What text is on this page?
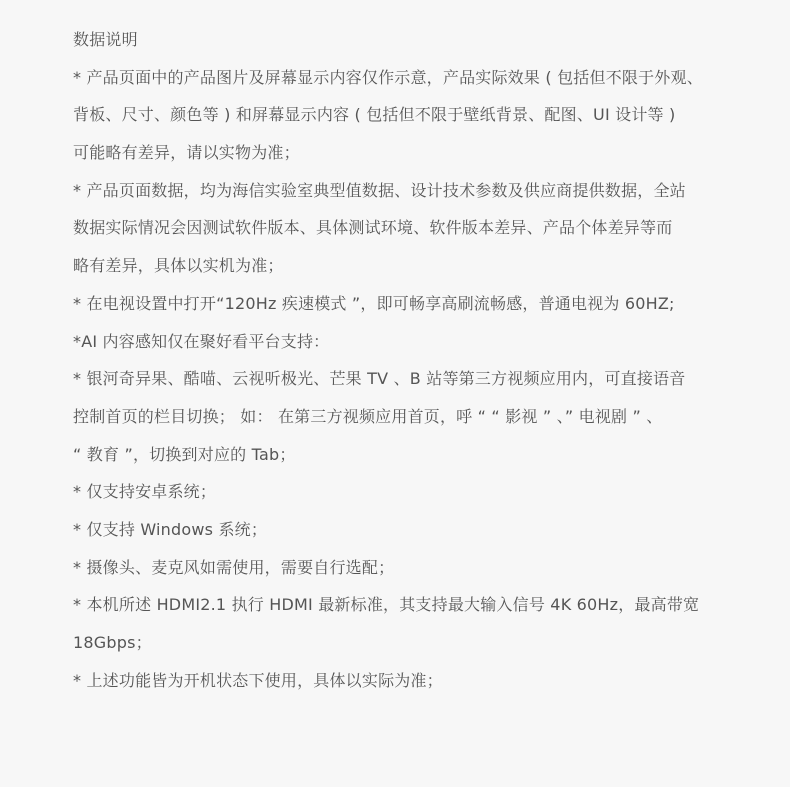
数据说明
* 产品页面中的产品图片及屏幕显示内容仅作示意，产品实际效果 ( 包括但不限于外观、
背板、尺寸、颜色等 ) 和屏幕显示内容 ( 包括但不限于壁纸背景、配图、UI 设计等 )
可能略有差异，请以实物为准；
* 产品页面数据，均为海信实验室典型值数据、设计技术参数及供应商提供数据，全站
数据实际情况会因测试软件版本、具体测试环境、软件版本差异、产品个体差异等而
略有差异，具体以实机为准；
* 在电视设置中打开“120Hz 疾速模式 ”，即可畅享高刷流畅感，普通电视为 60HZ;
*AI 内容感知仅在聚好看平台支持：
* 银河奇异果、酷喵、云视听极光、芒果 TV 、B 站等第三方视频应用内，可直接语音
控制首页的栏目切换； 如： 在第三方视频应用首页，呼 “ “ 影视 ” 、” 电视剧 ” 、
“ 教育 ”，切换到对应的 Tab；
* 仅支持安卓系统；
* 仅支持 Windows 系统；
* 摄像头、麦克风如需使用，需要自行选配；
* 本机所述 HDMI2.1 执行 HDMI 最新标准，其支持最大输入信号 4K 60Hz，最高带宽
18Gbps；
* 上述功能皆为开机状态下使用，具体以实际为准；
